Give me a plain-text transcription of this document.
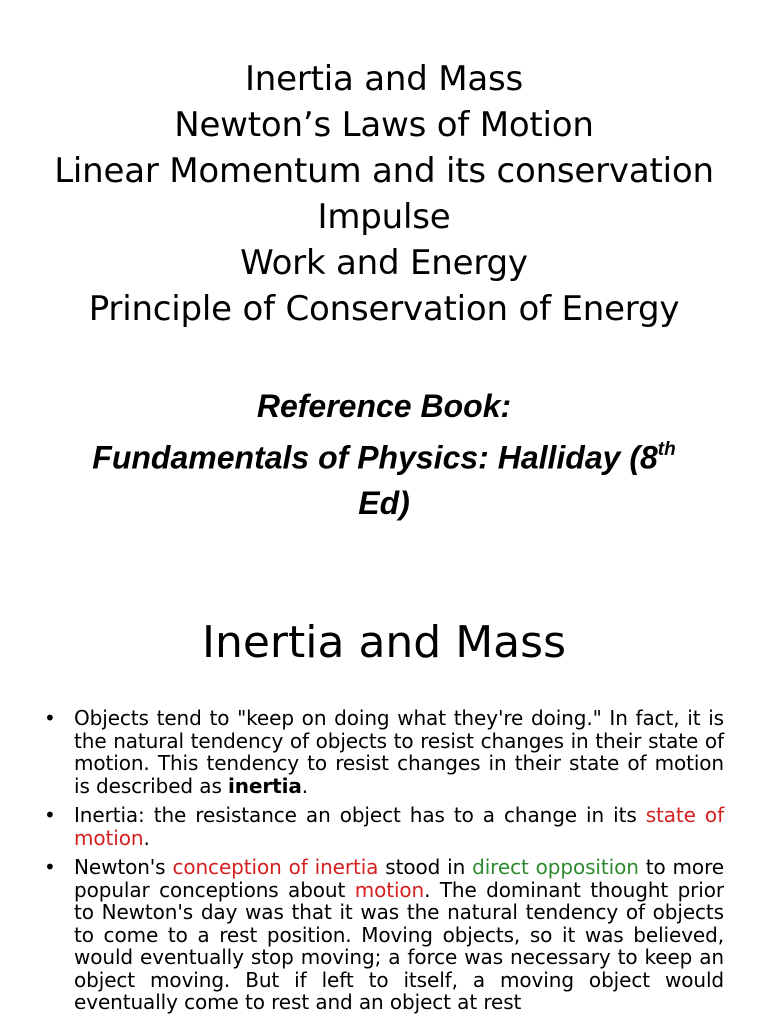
Inertia and Mass
Newton’s Laws of Motion
Linear Momentum and its conservation
Impulse
Work and Energy
Principle of Conservation of Energy
Reference Book:
Fundamentals of Physics: Halliday (8th
Ed)
Inertia and Mass
• Objects tend to "keep on doing what they're doing." In fact, it is the natural tendency of objects to resist changes in their state of motion. This tendency to resist changes in their state of motion is described as inertia.
• Inertia: the resistance an object has to a change in its state of motion.
• Newton's conception of inertia stood in direct opposition to more popular conceptions about motion. The dominant thought prior to Newton's day was that it was the natural tendency of objects to come to a rest position. Moving objects, so it was believed, would eventually stop moving; a force was necessary to keep an object moving. But if left to itself, a moving object would eventually come to rest and an object at rest
